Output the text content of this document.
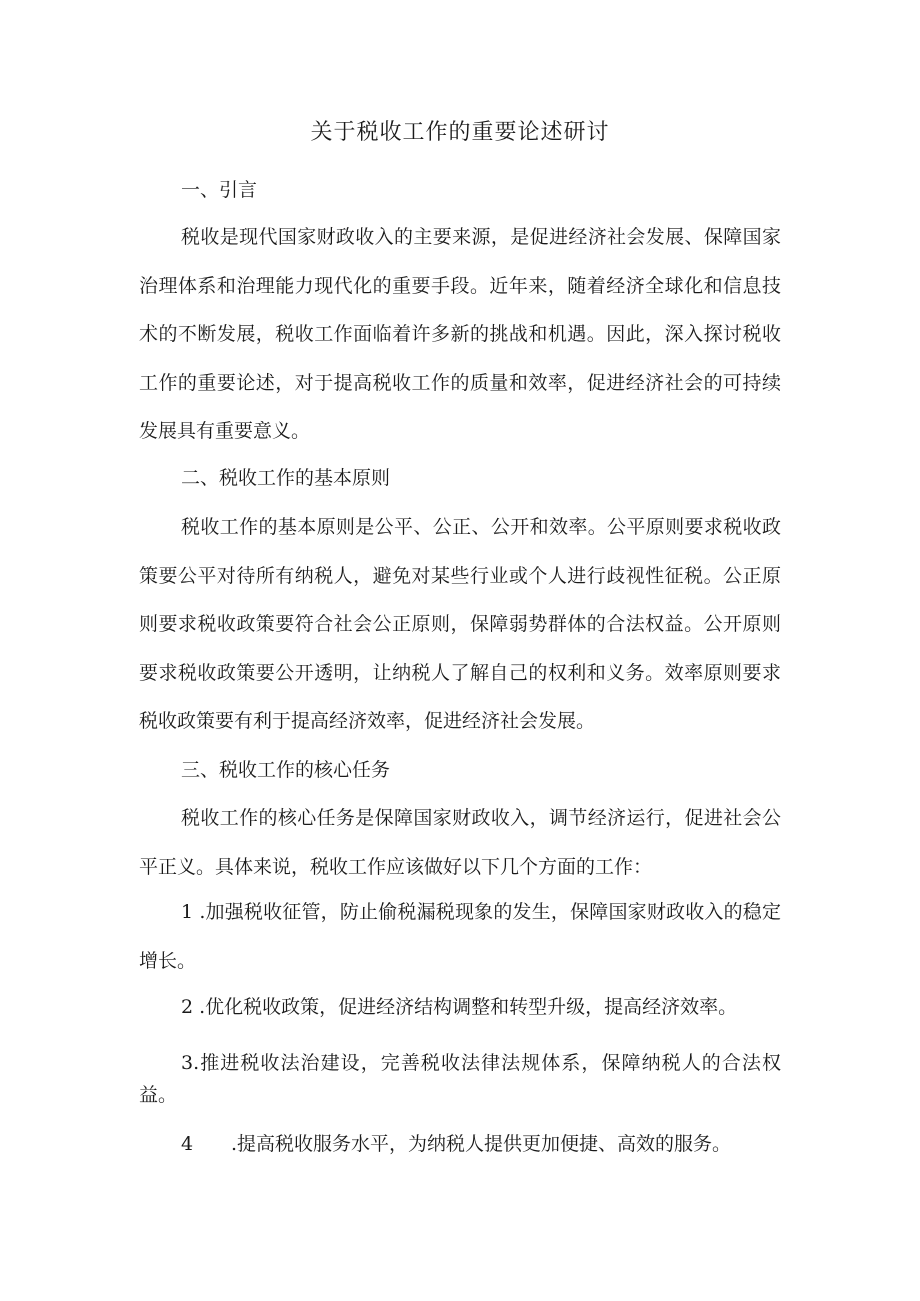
关于税收工作的重要论述研讨
一、引言

税收是现代国家财政收入的主要来源，是促进经济社会发展、保障国家治理体系和治理能力现代化的重要手段。近年来，随着经济全球化和信息技术的不断发展，税收工作面临着许多新的挑战和机遇。因此，深入探讨税收工作的重要论述，对于提高税收工作的质量和效率，促进经济社会的可持续发展具有重要意义。

二、税收工作的基本原则

税收工作的基本原则是公平、公正、公开和效率。公平原则要求税收政策要公平对待所有纳税人，避免对某些行业或个人进行歧视性征税。公正原则要求税收政策要符合社会公正原则，保障弱势群体的合法权益。公开原则要求税收政策要公开透明，让纳税人了解自己的权利和义务。效率原则要求税收政策要有利于提高经济效率，促进经济社会发展。

三、税收工作的核心任务

税收工作的核心任务是保障国家财政收入，调节经济运行，促进社会公平正义。具体来说，税收工作应该做好以下几个方面的工作：

1 .加强税收征管，防止偷税漏税现象的发生，保障国家财政收入的稳定增长。

2 .优化税收政策，促进经济结构调整和转型升级，提高经济效率。

3.推进税收法治建设，完善税收法律法规体系，保障纳税人的合法权益。

4 .提高税收服务水平，为纳税人提供更加便捷、高效的服务。
